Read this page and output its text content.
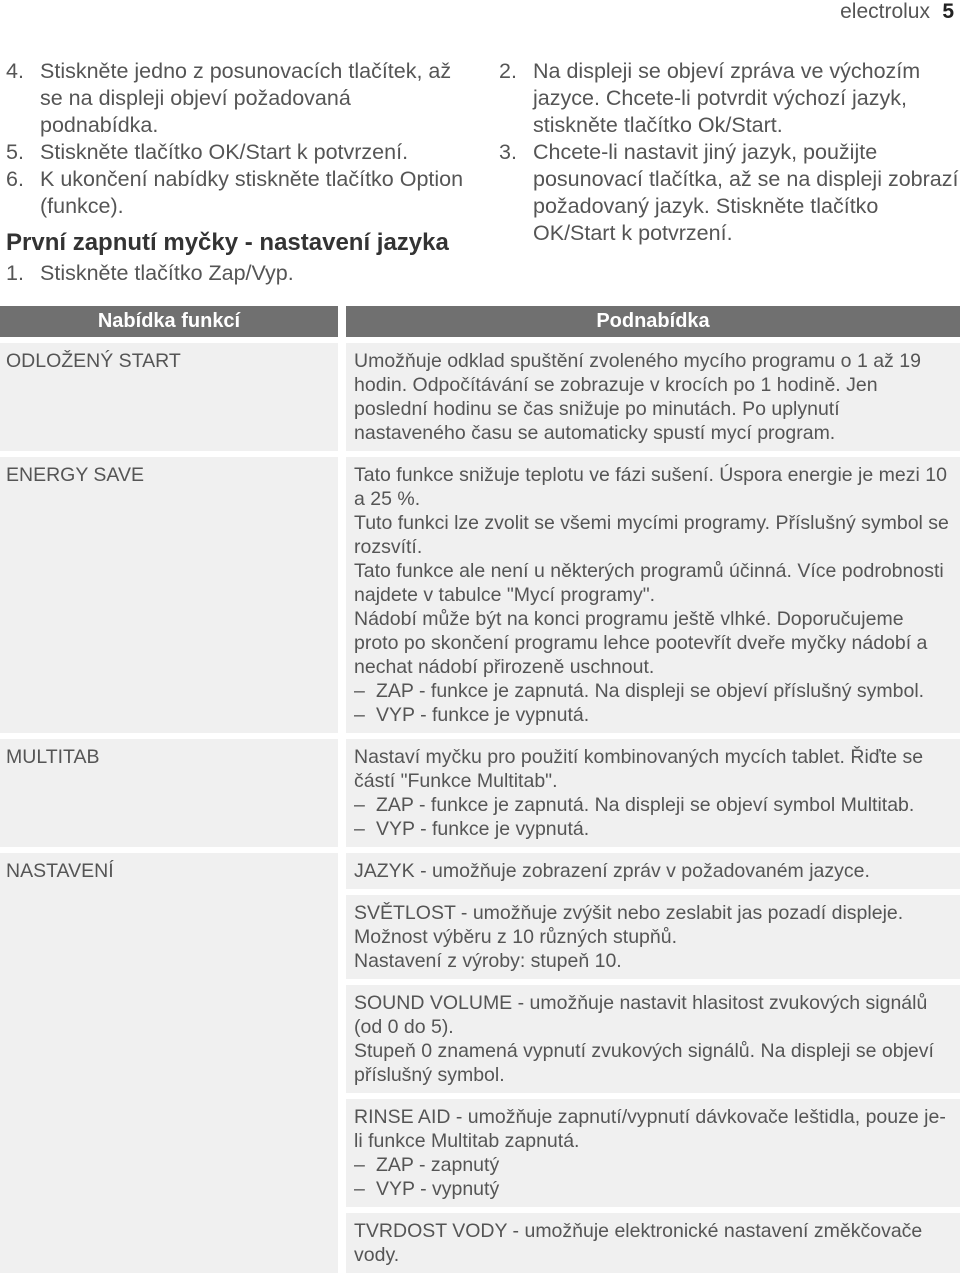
electrolux 5
4. Stiskněte jedno z posunovacích tlačítek, až se na displeji objeví požadovaná podnabídka.
5. Stiskněte tlačítko OK/Start k potvrzení.
6. K ukončení nabídky stiskněte tlačítko Option (funkce).
První zapnutí myčky - nastavení jazyka
1. Stiskněte tlačítko Zap/Vyp.
2. Na displeji se objeví zpráva ve výchozím jazyce. Chcete-li potvrdit výchozí jazyk, stiskněte tlačítko Ok/Start.
3. Chcete-li nastavit jiný jazyk, použijte posunovací tlačítka, až se na displeji zobrazí požadovaný jazyk. Stiskněte tlačítko OK/Start k potvrzení.
Nabídka funkcí	Podnabídka
ODLOŽENÝ START	Umožňuje odklad spuštění zvoleného mycího programu o 1 až 19 hodin. Odpočítávání se zobrazuje v krocích po 1 hodině. Jen poslední hodinu se čas snižuje po minutách. Po uplynutí nastaveného času se automaticky spustí mycí program.
ENERGY SAVE	Tato funkce snižuje teplotu ve fázi sušení. Úspora energie je mezi 10 a 25 %.
Tuto funkci lze zvolit se všemi mycími programy. Příslušný symbol se rozsvítí.
Tato funkce ale není u některých programů účinná. Více podrobnosti najdete v tabulce "Mycí programy".
Nádobí může být na konci programu ještě vlhké. Doporučujeme proto po skončení programu lehce pootevřít dveře myčky nádobí a nechat nádobí přirozeně uschnout.
– ZAP - funkce je zapnutá. Na displeji se objeví příslušný symbol.
– VYP - funkce je vypnutá.
MULTITAB	Nastaví myčku pro použití kombinovaných mycích tablet. Řiďte se částí "Funkce Multitab".
– ZAP - funkce je zapnutá. Na displeji se objeví symbol Multitab.
– VYP - funkce je vypnutá.
NASTAVENÍ	JAZYK - umožňuje zobrazení zpráv v požadovaném jazyce.
SVĚTLOST - umožňuje zvýšit nebo zeslabit jas pozadí displeje. Možnost výběru z 10 různých stupňů.
Nastavení z výroby: stupeň 10.
SOUND VOLUME - umožňuje nastavit hlasitost zvukových signálů (od 0 do 5).
Stupeň 0 znamená vypnutí zvukových signálů. Na displeji se objeví příslušný symbol.
RINSE AID - umožňuje zapnutí/vypnutí dávkovače leštidla, pouze je-li funkce Multitab zapnutá.
– ZAP - zapnutý
– VYP - vypnutý
TVRDOST VODY - umožňuje elektronické nastavení změkčovače vody.
